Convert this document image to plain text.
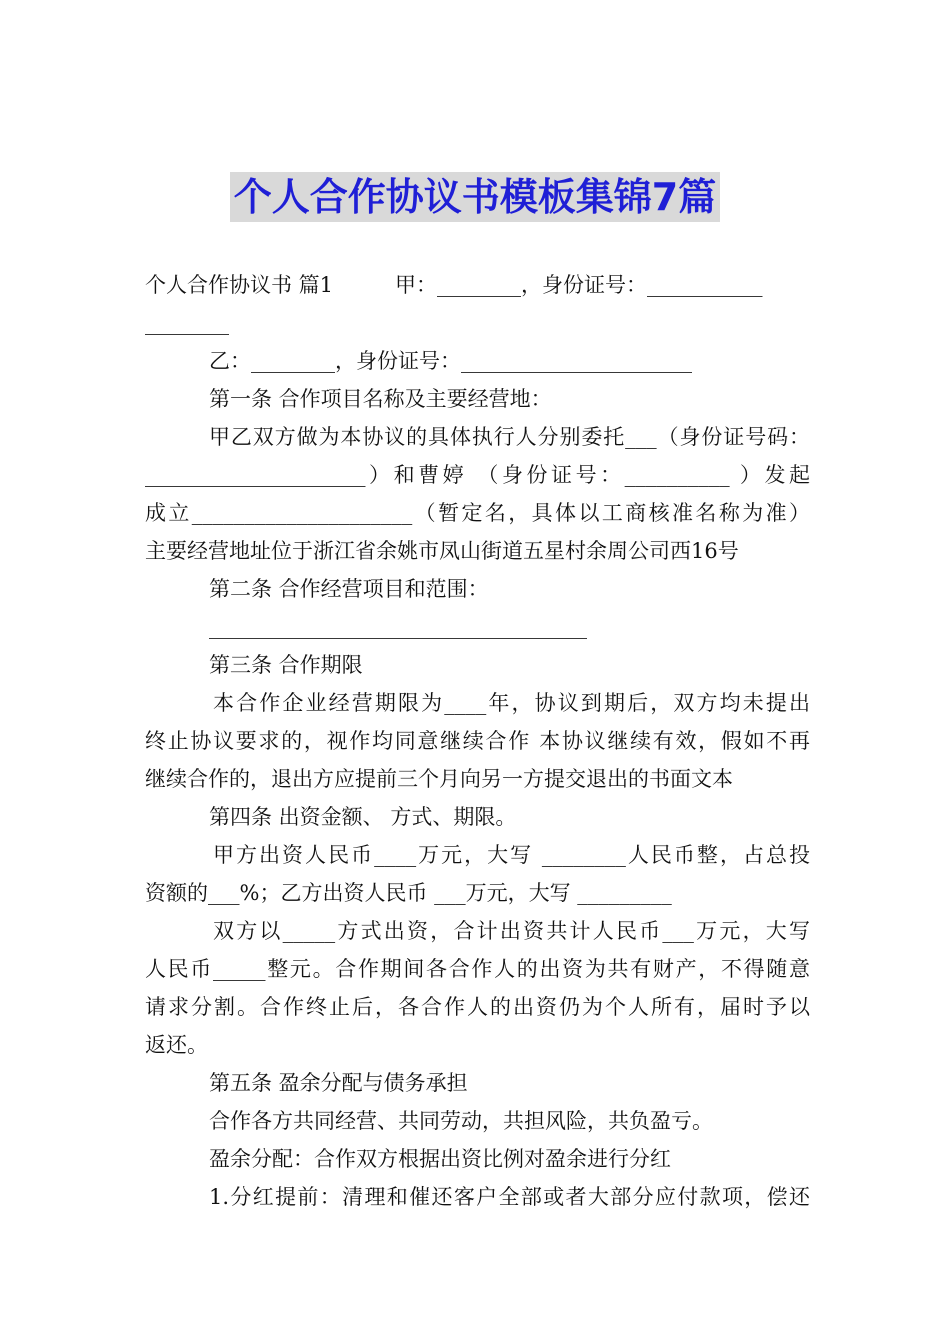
个人合作协议书模板集锦7篇
个人合作协议书 篇1	甲：________，身份证号：___________
________
乙：________，身份证号：______________________
第一条 合作项目名称及主要经营地：
甲乙双方做为本协议的具体执行人分别委托___（身份证号码：
_____________________）和曹婷 （身份证号：__________ ）发起
成立_____________________（暂定名，具体以工商核准名称为准）
主要经营地址位于浙江省余姚市凤山街道五星村余周公司西16号
第二条 合作经营项目和范围：
____________________________________
第三条 合作期限
本合作企业经营期限为____年，协议到期后，双方均未提出
终止协议要求的，视作均同意继续合作 本协议继续有效，假如不再
继续合作的，退出方应提前三个月向另一方提交退出的书面文本
第四条 出资金额、 方式、期限。
甲方出资人民币____万元，大写 ________人民币整，占总投
资额的___%；乙方出资人民币 ___万元，大写 _________
双方以_____方式出资，合计出资共计人民币___万元，大写
人民币_____整元。合作期间各合作人的出资为共有财产，不得随意
请求分割。合作终止后，各合作人的出资仍为个人所有，届时予以
返还。
第五条 盈余分配与债务承担
合作各方共同经营、共同劳动，共担风险，共负盈亏。
盈余分配：合作双方根据出资比例对盈余进行分红
1.分红提前：清理和催还客户全部或者大部分应付款项，偿还
